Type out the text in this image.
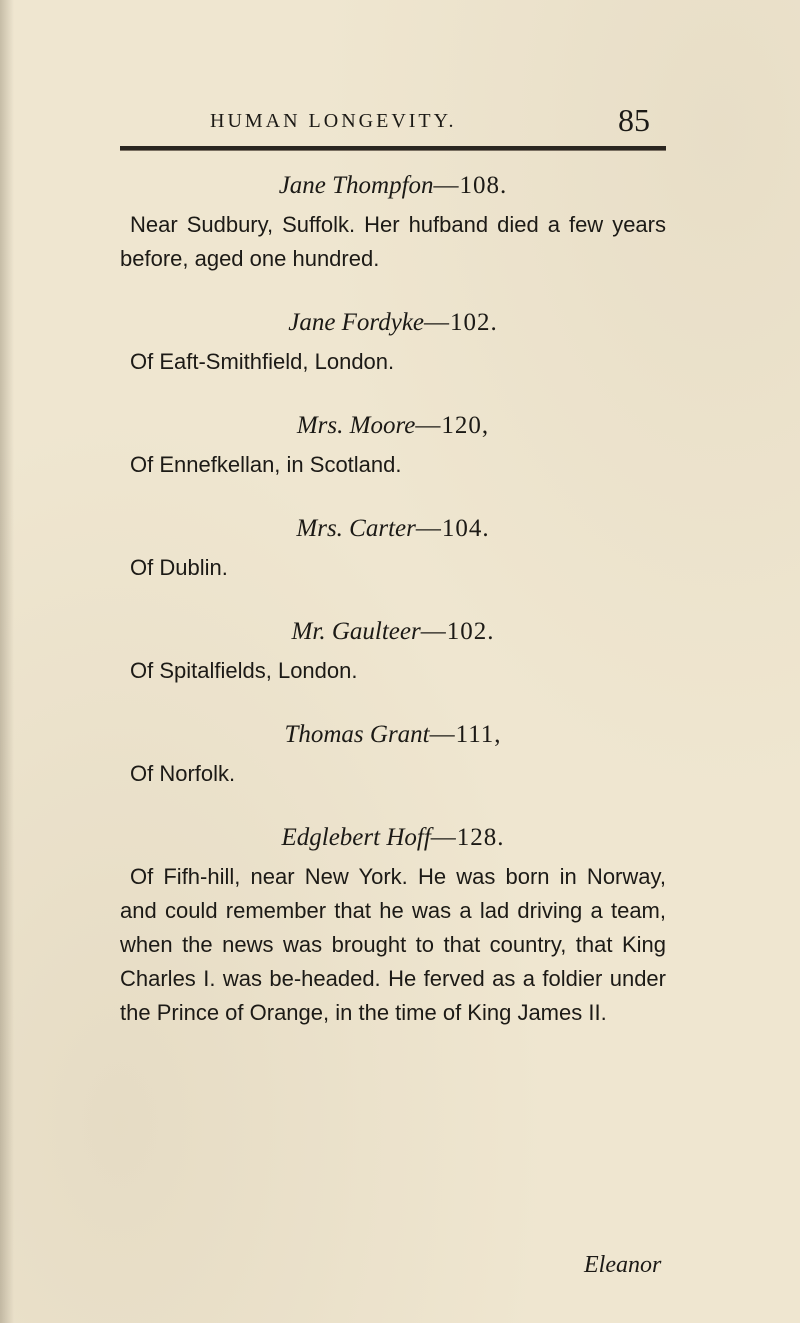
HUMAN LONGEVITY.	85
Jane Thompfon—108.

Near Sudbury, Suffolk. Her hufband died a few years before, aged one hundred.

Jane Fordyke—102.

Of Eaft-Smithfield, London.

Mrs. Moore—120,

Of Ennefkellan, in Scotland.

Mrs. Carter—104.

Of Dublin.

Mr. Gaulteer—102.

Of Spitalfields, London.

Thomas Grant—111,

Of Norfolk.

Edglebert Hoff—128.

Of Fifh-hill, near New York. He was born in Norway, and could remember that he was a lad driving a team, when the news was brought to that country, that King Charles I. was be-headed. He ferved as a foldier under the Prince of Orange, in the time of King James II.

Eleanor
